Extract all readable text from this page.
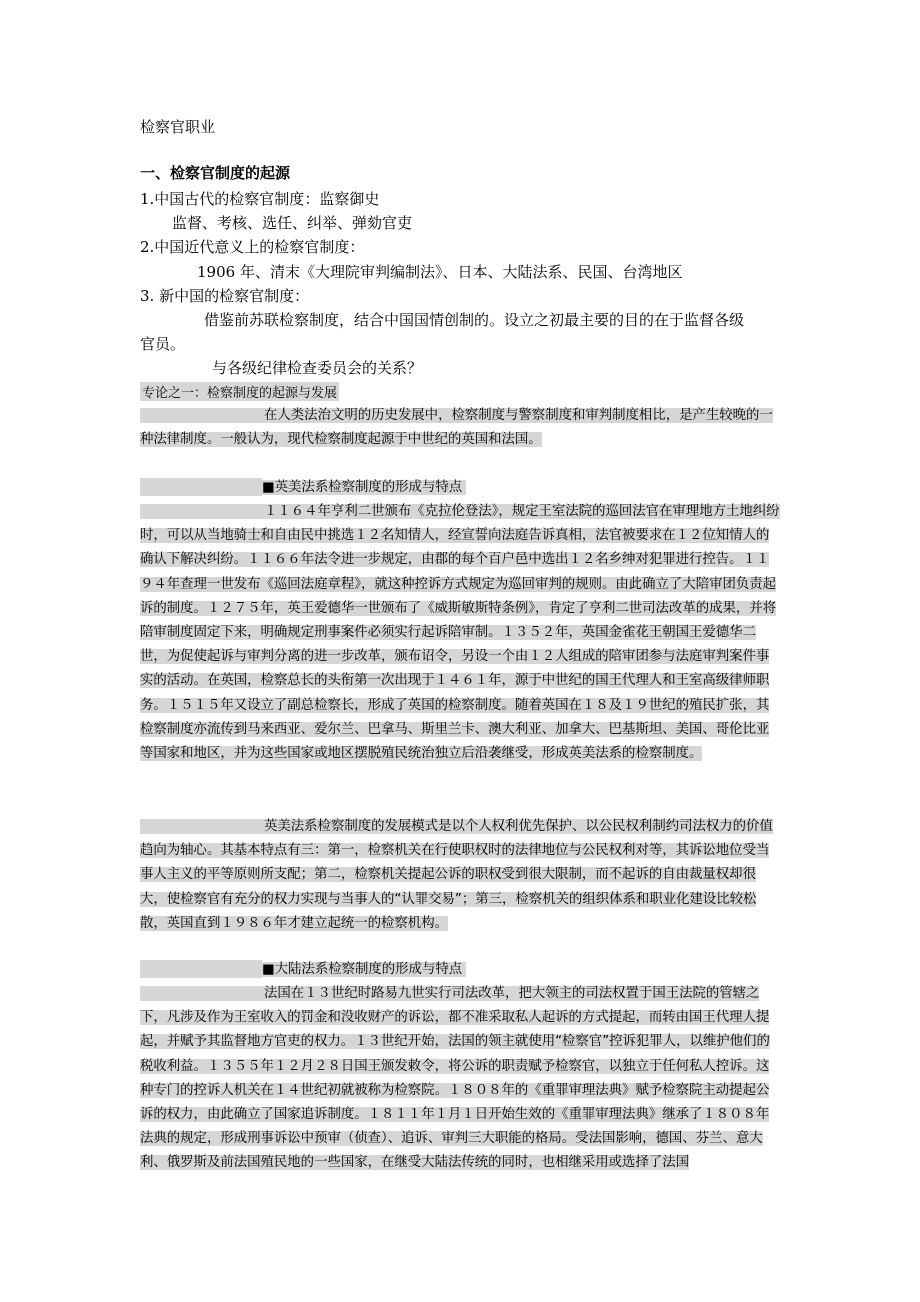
检察官职业
一、检察官制度的起源
1.中国古代的检察官制度：监察御史
监督、考核、选任、纠举、弹劾官吏
2.中国近代意义上的检察官制度：
1906 年、清末《大理院审判编制法》、日本、大陆法系、民国、台湾地区
3. 新中国的检察官制度：
借鉴前苏联检察制度，结合中国国情创制的。设立之初最主要的目的在于监督各级
官员。
与各级纪律检查委员会的关系？
专论之一：检察制度的起源与发展
在人类法治文明的历史发展中，检察制度与警察制度和审判制度相比，是产生较晚的一种法律制度。一般认为，现代检察制度起源于中世纪的英国和法国。
■英美法系检察制度的形成与特点
１１６４年亨利二世颁布《克拉伦登法》，规定王室法院的巡回法官在审理地方土地纠纷时，可以从当地骑士和自由民中挑选１２名知情人，经宣誓向法庭告诉真相，法官被要求在１２位知情人的确认下解决纠纷。１１６６年法令进一步规定，由郡的每个百户邑中选出１２名乡绅对犯罪进行控告。１１９４年查理一世发布《巡回法庭章程》，就这种控诉方式规定为巡回审判的规则。由此确立了大陪审团负责起诉的制度。１２７５年，英王爱德华一世颁布了《威斯敏斯特条例》，肯定了亨利二世司法改革的成果，并将陪审制度固定下来，明确规定刑事案件必须实行起诉陪审制。１３５２年，英国金雀花王朝国王爱德华二世，为促使起诉与审判分离的进一步改革，颁布诏令，另设一个由１２人组成的陪审团参与法庭审判案件事实的活动。在英国，检察总长的头衔第一次出现于１４６１年，源于中世纪的国王代理人和王室高级律师职务。１５１５年又设立了副总检察长，形成了英国的检察制度。随着英国在１８及１９世纪的殖民扩张，其检察制度亦流传到马来西亚、爱尔兰、巴拿马、斯里兰卡、澳大利亚、加拿大、巴基斯坦、美国、哥伦比亚等国家和地区，并为这些国家或地区摆脱殖民统治独立后沿袭继受，形成英美法系的检察制度。
英美法系检察制度的发展模式是以个人权利优先保护、以公民权利制约司法权力的价值趋向为轴心。其基本特点有三：第一，检察机关在行使职权时的法律地位与公民权利对等，其诉讼地位受当事人主义的平等原则所支配；第二，检察机关提起公诉的职权受到很大限制，而不起诉的自由裁量权却很大，使检察官有充分的权力实现与当事人的“认罪交易”；第三，检察机关的组织体系和职业化建设比较松散，英国直到１９８６年才建立起统一的检察机构。
■大陆法系检察制度的形成与特点
法国在１３世纪时路易九世实行司法改革，把大领主的司法权置于国王法院的管辖之下，凡涉及作为王室收入的罚金和没收财产的诉讼，都不准采取私人起诉的方式提起，而转由国王代理人提起，并赋予其监督地方官吏的权力。１３世纪开始，法国的领主就使用“检察官”控诉犯罪人，以维护他们的税收利益。１３５５年１２月２８日国王颁发敕令，将公诉的职责赋予检察官，以独立于任何私人控诉。这种专门的控诉人机关在１４世纪初就被称为检察院。１８０８年的《重罪审理法典》赋予检察院主动提起公诉的权力，由此确立了国家追诉制度。１８１１年１月１日开始生效的《重罪审理法典》继承了１８０８年法典的规定，形成刑事诉讼中预审（侦查）、追诉、审判三大职能的格局。受法国影响，德国、芬兰、意大利、俄罗斯及前法国殖民地的一些国家，在继受大陆法传统的同时，也相继采用或选择了法国
